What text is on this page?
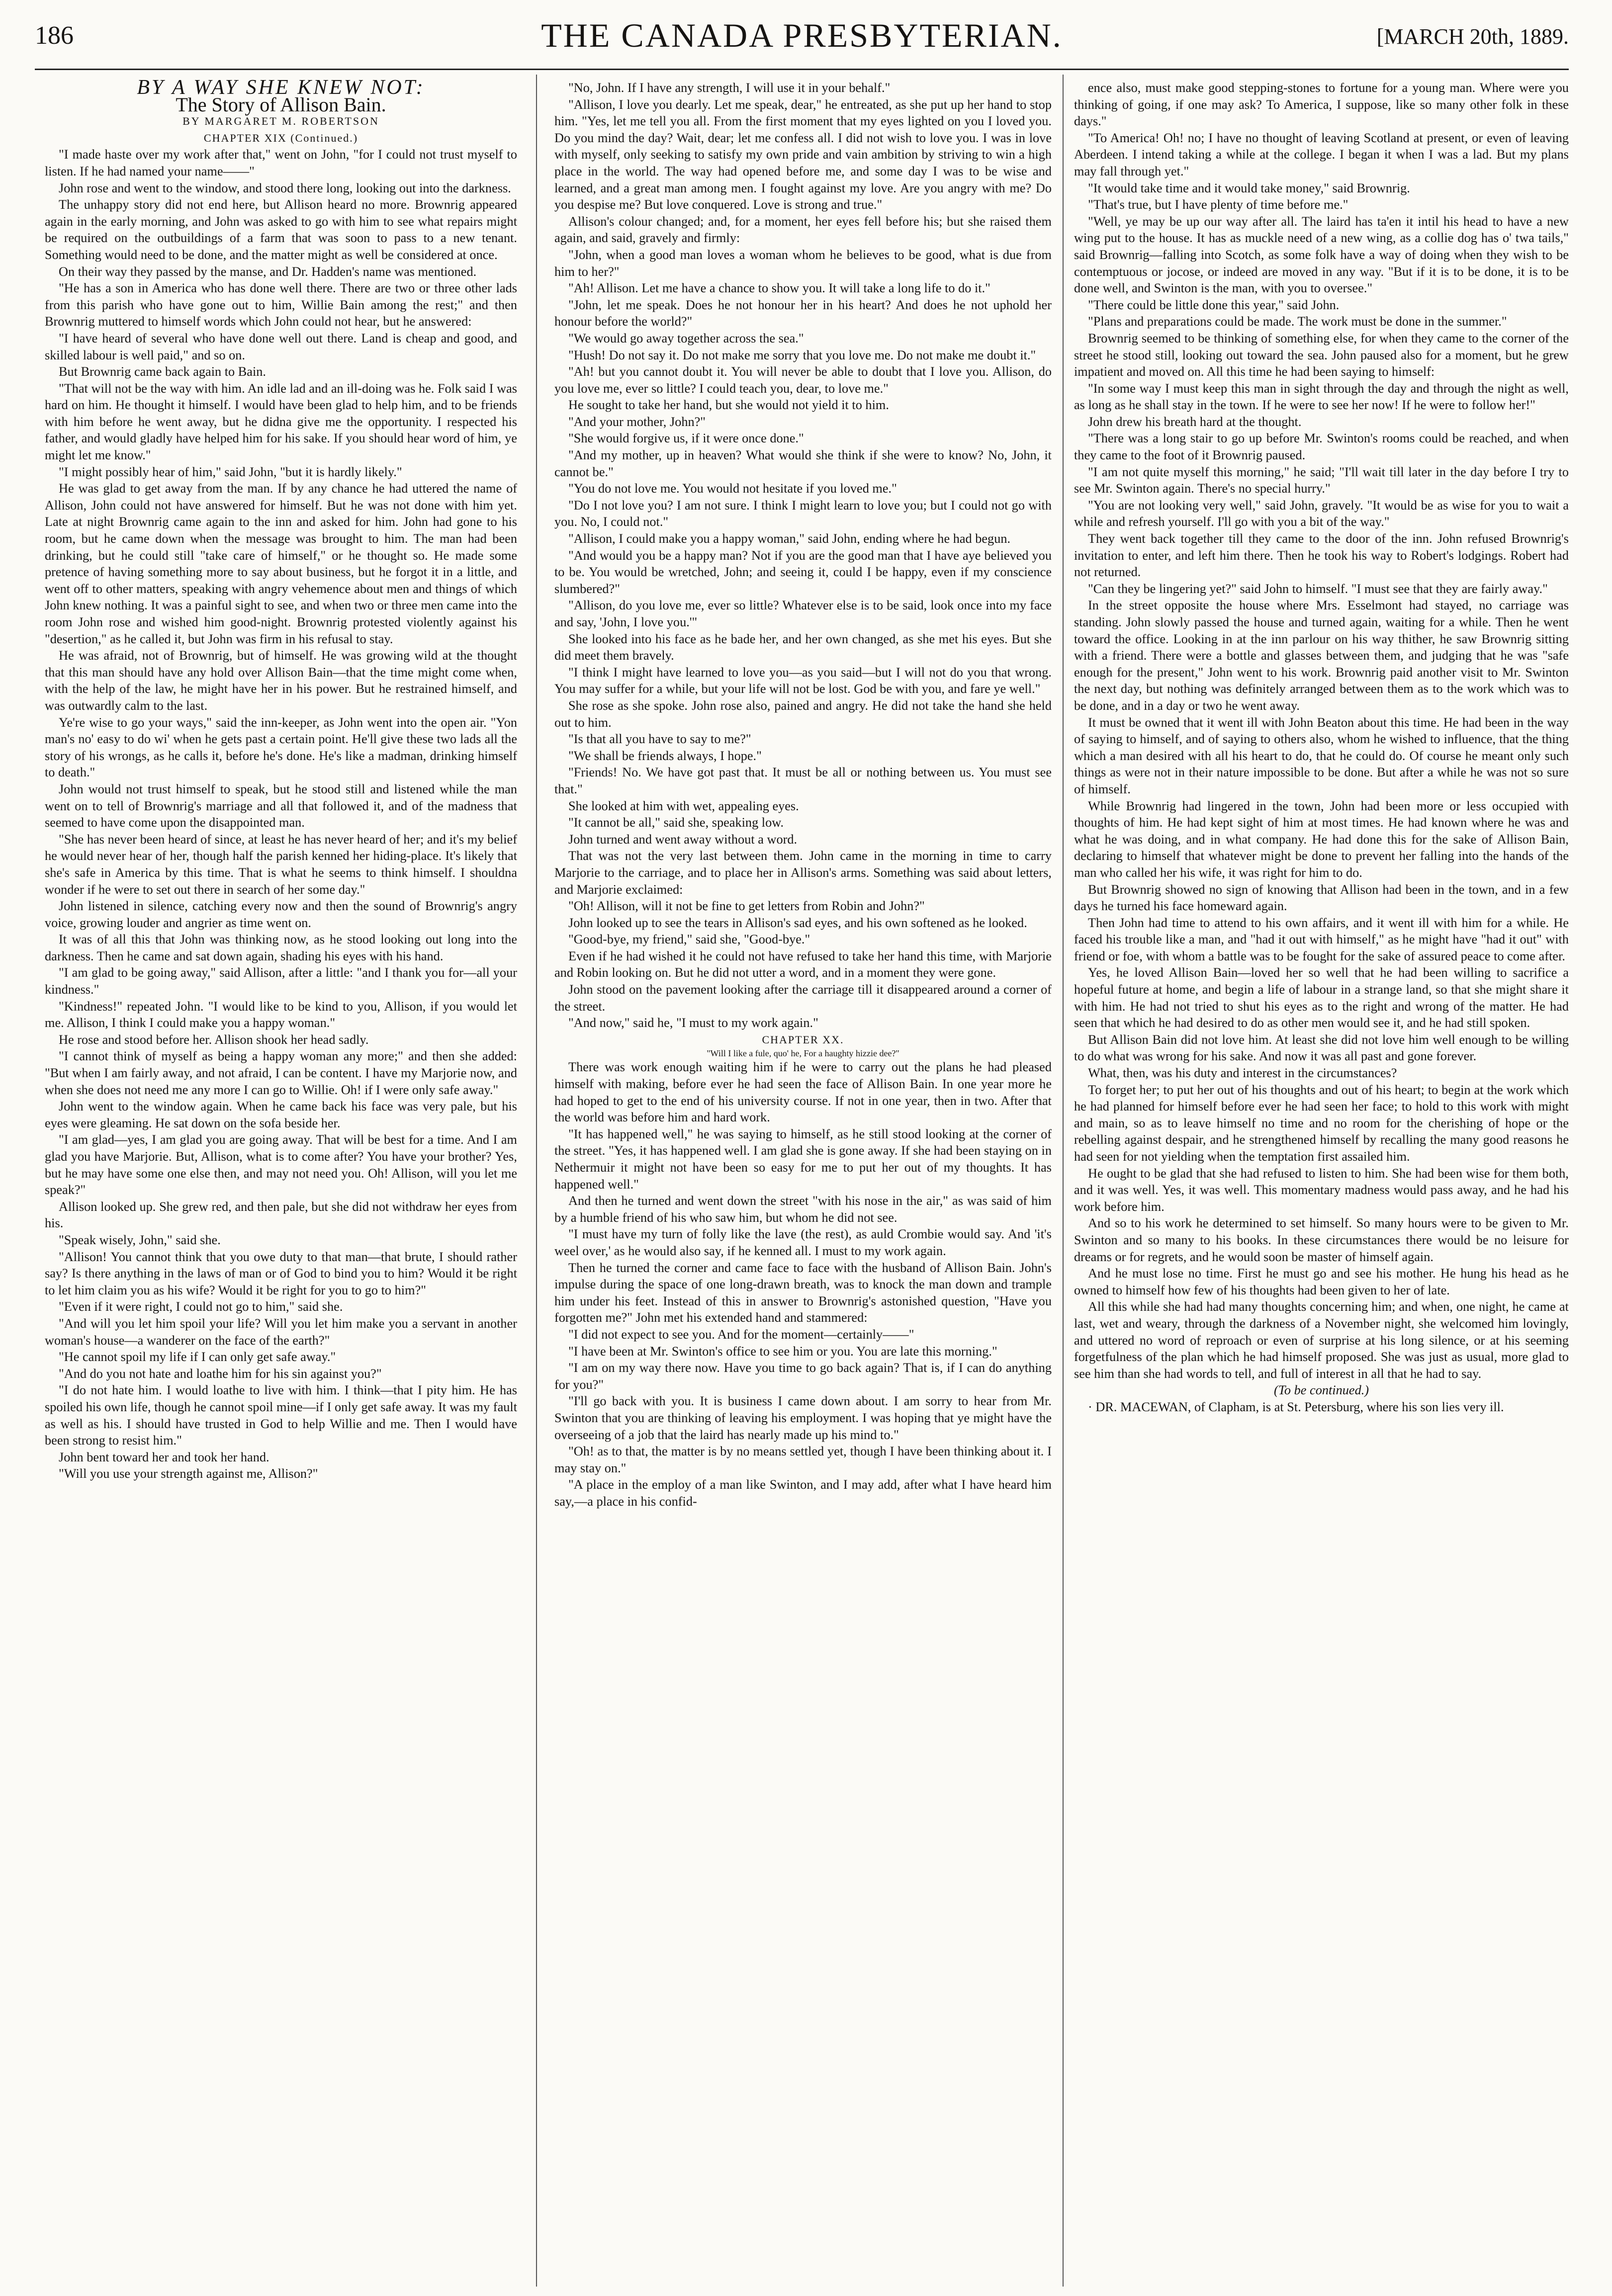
186	THE CANADA PRESBYTERIAN.	[MARCH 20th, 1889.

BY A WAY SHE KNEW NOT:

The Story of Allison Bain.

BY MARGARET M. ROBERTSON

CHAPTER XIX (Continued.)

"I made haste over my work after that," went on John, "for I could not trust myself to listen. If he had named your name——"

John rose and went to the window, and stood there long, looking out into the darkness.

The unhappy story did not end here, but Allison heard no more. Brownrig appeared again in the early morning, and John was asked to go with him to see what repairs might be required on the outbuildings of a farm that was soon to pass to a new tenant. Something would need to be done, and the matter might as well be considered at once.

On their way they passed by the manse, and Dr. Hadden's name was mentioned.

"He has a son in America who has done well there. There are two or three other lads from this parish who have gone out to him, Willie Bain among the rest;" and then Brownrig muttered to himself words which John could not hear, but he answered:

"I have heard of several who have done well out there. Land is cheap and good, and skilled labour is well paid," and so on.

But Brownrig came back again to Bain.

"That will not be the way with him. An idle lad and an ill-doing was he. Folk said I was hard on him. He thought it himself. I would have been glad to help him, and to be friends with him before he went away, but he didna give me the opportunity. I respected his father, and would gladly have helped him for his sake. If you should hear word of him, ye might let me know."

"I might possibly hear of him," said John, "but it is hardly likely."

He was glad to get away from the man. If by any chance he had uttered the name of Allison, John could not have answered for himself. But he was not done with him yet. Late at night Brownrig came again to the inn and asked for him. John had gone to his room, but he came down when the message was brought to him. The man had been drinking, but he could still "take care of himself," or he thought so. He made some pretence of having something more to say about business, but he forgot it in a little, and went off to other matters, speaking with angry vehemence about men and things of which John knew nothing. It was a painful sight to see, and when two or three men came into the room John rose and wished him good-night. Brownrig protested violently against his "desertion," as he called it, but John was firm in his refusal to stay.

He was afraid, not of Brownrig, but of himself. He was growing wild at the thought that this man should have any hold over Allison Bain—that the time might come when, with the help of the law, he might have her in his power. But he restrained himself, and was outwardly calm to the last.

Ye're wise to go your ways," said the inn-keeper, as John went into the open air. "Yon man's no' easy to do wi' when he gets past a certain point. He'll give these two lads all the story of his wrongs, as he calls it, before he's done. He's like a madman, drinking himself to death."

John would not trust himself to speak, but he stood still and listened while the man went on to tell of Brownrig's marriage and all that followed it, and of the madness that seemed to have come upon the disappointed man.

"She has never been heard of since, at least he has never heard of her; and it's my belief he would never hear of her, though half the parish kenned her hiding-place. It's likely that she's safe in America by this time. That is what he seems to think himself. I shouldna wonder if he were to set out there in search of her some day."

John listened in silence, catching every now and then the sound of Brownrig's angry voice, growing louder and angrier as time went on.

It was of all this that John was thinking now, as he stood looking out long into the darkness. Then he came and sat down again, shading his eyes with his hand.

"I am glad to be going away," said Allison, after a little: "and I thank you for—all your kindness."

"Kindness!" repeated John. "I would like to be kind to you, Allison, if you would let me. Allison, I think I could make you a happy woman."

He rose and stood before her. Allison shook her head sadly.

"I cannot think of myself as being a happy woman any more;" and then she added: "But when I am fairly away, and not afraid, I can be content. I have my Marjorie now, and when she does not need me any more I can go to Willie. Oh! if I were only safe away."

John went to the window again. When he came back his face was very pale, but his eyes were gleaming. He sat down on the sofa beside her.

"I am glad—yes, I am glad you are going away. That will be best for a time. And I am glad you have Marjorie. But, Allison, what is to come after? You have your brother? Yes, but he may have some one else then, and may not need you. Oh! Allison, will you let me speak?"

Allison looked up. She grew red, and then pale, but she did not withdraw her eyes from his.

"Speak wisely, John," said she.

"Allison! You cannot think that you owe duty to that man—that brute, I should rather say? Is there anything in the laws of man or of God to bind you to him? Would it be right to let him claim you as his wife? Would it be right for you to go to him?"

"Even if it were right, I could not go to him," said she.

"And will you let him spoil your life? Will you let him make you a servant in another woman's house—a wanderer on the face of the earth?"

"He cannot spoil my life if I can only get safe away."

"And do you not hate and loathe him for his sin against you?"

"I do not hate him. I would loathe to live with him. I think—that I pity him. He has spoiled his own life, though he cannot spoil mine—if I only get safe away. It was my fault as well as his. I should have trusted in God to help Willie and me. Then I would have been strong to resist him."

John bent toward her and took her hand.

"Will you use your strength against me, Allison?"

"No, John. If I have any strength, I will use it in your behalf."

"Allison, I love you dearly. Let me speak, dear," he entreated, as she put up her hand to stop him. "Yes, let me tell you all. From the first moment that my eyes lighted on you I loved you. Do you mind the day? Wait, dear; let me confess all. I did not wish to love you. I was in love with myself, only seeking to satisfy my own pride and vain ambition by striving to win a high place in the world. The way had opened before me, and some day I was to be wise and learned, and a great man among men. I fought against my love. Are you angry with me? Do you despise me? But love conquered. Love is strong and true."

Allison's colour changed; and, for a moment, her eyes fell before his; but she raised them again, and said, gravely and firmly:

"John, when a good man loves a woman whom he believes to be good, what is due from him to her?"

"Ah! Allison. Let me have a chance to show you. It will take a long life to do it."

"John, let me speak. Does he not honour her in his heart? And does he not uphold her honour before the world?"

"We would go away together across the sea."

"Hush! Do not say it. Do not make me sorry that you love me. Do not make me doubt it."

"Ah! but you cannot doubt it. You will never be able to doubt that I love you. Allison, do you love me, ever so little? I could teach you, dear, to love me."

He sought to take her hand, but she would not yield it to him.

"And your mother, John?"

"She would forgive us, if it were once done."

"And my mother, up in heaven? What would she think if she were to know? No, John, it cannot be."

"You do not love me. You would not hesitate if you loved me."

"Do I not love you? I am not sure. I think I might learn to love you; but I could not go with you. No, I could not."

"Allison, I could make you a happy woman," said John, ending where he had begun.

"And would you be a happy man? Not if you are the good man that I have aye believed you to be. You would be wretched, John; and seeing it, could I be happy, even if my conscience slumbered?"

"Allison, do you love me, ever so little? Whatever else is to be said, look once into my face and say, 'John, I love you.'"

She looked into his face as he bade her, and her own changed, as she met his eyes. But she did meet them bravely.

"I think I might have learned to love you—as you said—but I will not do you that wrong. You may suffer for a while, but your life will not be lost. God be with you, and fare ye well."

She rose as she spoke. John rose also, pained and angry. He did not take the hand she held out to him.

"Is that all you have to say to me?"

"We shall be friends always, I hope."

"Friends! No. We have got past that. It must be all or nothing between us. You must see that."

She looked at him with wet, appealing eyes.

"It cannot be all," said she, speaking low.

John turned and went away without a word.

That was not the very last between them. John came in the morning in time to carry Marjorie to the carriage, and to place her in Allison's arms. Something was said about letters, and Marjorie exclaimed:

"Oh! Allison, will it not be fine to get letters from Robin and John?"

John looked up to see the tears in Allison's sad eyes, and his own softened as he looked.

"Good-bye, my friend," said she, "Good-bye."

Even if he had wished it he could not have refused to take her hand this time, with Marjorie and Robin looking on. But he did not utter a word, and in a moment they were gone.

John stood on the pavement looking after the carriage till it disappeared around a corner of the street.

"And now," said he, "I must to my work again."

CHAPTER XX.

"Will I like a fule, quo' he, For a haughty hizzie dee?"

There was work enough waiting him if he were to carry out the plans he had pleased himself with making, before ever he had seen the face of Allison Bain. In one year more he had hoped to get to the end of his university course. If not in one year, then in two. After that the world was before him and hard work.

"It has happened well," he was saying to himself, as he still stood looking at the corner of the street. "Yes, it has happened well. I am glad she is gone away. If she had been staying on in Nethermuir it might not have been so easy for me to put her out of my thoughts. It has happened well."

And then he turned and went down the street "with his nose in the air," as was said of him by a humble friend of his who saw him, but whom he did not see.

"I must have my turn of folly like the lave (the rest), as auld Crombie would say. And 'it's weel over,' as he would also say, if he kenned all. I must to my work again.

Then he turned the corner and came face to face with the husband of Allison Bain. John's impulse during the space of one long-drawn breath, was to knock the man down and trample him under his feet. Instead of this in answer to Brownrig's astonished question, "Have you forgotten me?" John met his extended hand and stammered:

"I did not expect to see you. And for the moment—certainly——"

"I have been at Mr. Swinton's office to see him or you. You are late this morning."

"I am on my way there now. Have you time to go back again? That is, if I can do anything for you?"

"I'll go back with you. It is business I came down about. I am sorry to hear from Mr. Swinton that you are thinking of leaving his employment. I was hoping that ye might have the overseeing of a job that the laird has nearly made up his mind to."

"Oh! as to that, the matter is by no means settled yet, though I have been thinking about it. I may stay on."

"A place in the employ of a man like Swinton, and I may add, after what I have heard him say,—a place in his confid-

ence also, must make good stepping-stones to fortune for a young man. Where were you thinking of going, if one may ask? To America, I suppose, like so many other folk in these days."

"To America! Oh! no; I have no thought of leaving Scotland at present, or even of leaving Aberdeen. I intend taking a while at the college. I began it when I was a lad. But my plans may fall through yet."

"It would take time and it would take money," said Brownrig.

"That's true, but I have plenty of time before me."

"Well, ye may be up our way after all. The laird has ta'en it intil his head to have a new wing put to the house. It has as muckle need of a new wing, as a collie dog has o' twa tails," said Brownrig—falling into Scotch, as some folk have a way of doing when they wish to be contemptuous or jocose, or indeed are moved in any way. "But if it is to be done, it is to be done well, and Swinton is the man, with you to oversee."

"There could be little done this year," said John.

"Plans and preparations could be made. The work must be done in the summer."

Brownrig seemed to be thinking of something else, for when they came to the corner of the street he stood still, looking out toward the sea. John paused also for a moment, but he grew impatient and moved on. All this time he had been saying to himself:

"In some way I must keep this man in sight through the day and through the night as well, as long as he shall stay in the town. If he were to see her now! If he were to follow her!"

John drew his breath hard at the thought.

"There was a long stair to go up before Mr. Swinton's rooms could be reached, and when they came to the foot of it Brownrig paused.

"I am not quite myself this morning," he said; "I'll wait till later in the day before I try to see Mr. Swinton again. There's no special hurry."

"You are not looking very well," said John, gravely. "It would be as wise for you to wait a while and refresh yourself. I'll go with you a bit of the way."

They went back together till they came to the door of the inn. John refused Brownrig's invitation to enter, and left him there. Then he took his way to Robert's lodgings. Robert had not returned.

"Can they be lingering yet?" said John to himself. "I must see that they are fairly away."

In the street opposite the house where Mrs. Esselmont had stayed, no carriage was standing. John slowly passed the house and turned again, waiting for a while. Then he went toward the office. Looking in at the inn parlour on his way thither, he saw Brownrig sitting with a friend. There were a bottle and glasses between them, and judging that he was "safe enough for the present," John went to his work. Brownrig paid another visit to Mr. Swinton the next day, but nothing was definitely arranged between them as to the work which was to be done, and in a day or two he went away.

It must be owned that it went ill with John Beaton about this time. He had been in the way of saying to himself, and of saying to others also, whom he wished to influence, that the thing which a man desired with all his heart to do, that he could do. Of course he meant only such things as were not in their nature impossible to be done. But after a while he was not so sure of himself.

While Brownrig had lingered in the town, John had been more or less occupied with thoughts of him. He had kept sight of him at most times. He had known where he was and what he was doing, and in what company. He had done this for the sake of Allison Bain, declaring to himself that whatever might be done to prevent her falling into the hands of the man who called her his wife, it was right for him to do.

But Brownrig showed no sign of knowing that Allison had been in the town, and in a few days he turned his face homeward again.

Then John had time to attend to his own affairs, and it went ill with him for a while. He faced his trouble like a man, and "had it out with himself," as he might have "had it out" with friend or foe, with whom a battle was to be fought for the sake of assured peace to come after.

Yes, he loved Allison Bain—loved her so well that he had been willing to sacrifice a hopeful future at home, and begin a life of labour in a strange land, so that she might share it with him. He had not tried to shut his eyes as to the right and wrong of the matter. He had seen that which he had desired to do as other men would see it, and he had still spoken.

But Allison Bain did not love him. At least she did not love him well enough to be willing to do what was wrong for his sake. And now it was all past and gone forever.

What, then, was his duty and interest in the circumstances?

To forget her; to put her out of his thoughts and out of his heart; to begin at the work which he had planned for himself before ever he had seen her face; to hold to this work with might and main, so as to leave himself no time and no room for the cherishing of hope or the rebelling against despair, and he strengthened himself by recalling the many good reasons he had seen for not yielding when the temptation first assailed him.

He ought to be glad that she had refused to listen to him. She had been wise for them both, and it was well. Yes, it was well. This momentary madness would pass away, and he had his work before him.

And so to his work he determined to set himself. So many hours were to be given to Mr. Swinton and so many to his books. In these circumstances there would be no leisure for dreams or for regrets, and he would soon be master of himself again.

And he must lose no time. First he must go and see his mother. He hung his head as he owned to himself how few of his thoughts had been given to her of late.

All this while she had had many thoughts concerning him; and when, one night, he came at last, wet and weary, through the darkness of a November night, she welcomed him lovingly, and uttered no word of reproach or even of surprise at his long silence, or at his seeming forgetfulness of the plan which he had himself proposed. She was just as usual, more glad to see him than she had words to tell, and full of interest in all that he had to say.

(To be continued.)

· DR. MACEWAN, of Clapham, is at St. Petersburg, where his son lies very ill.
